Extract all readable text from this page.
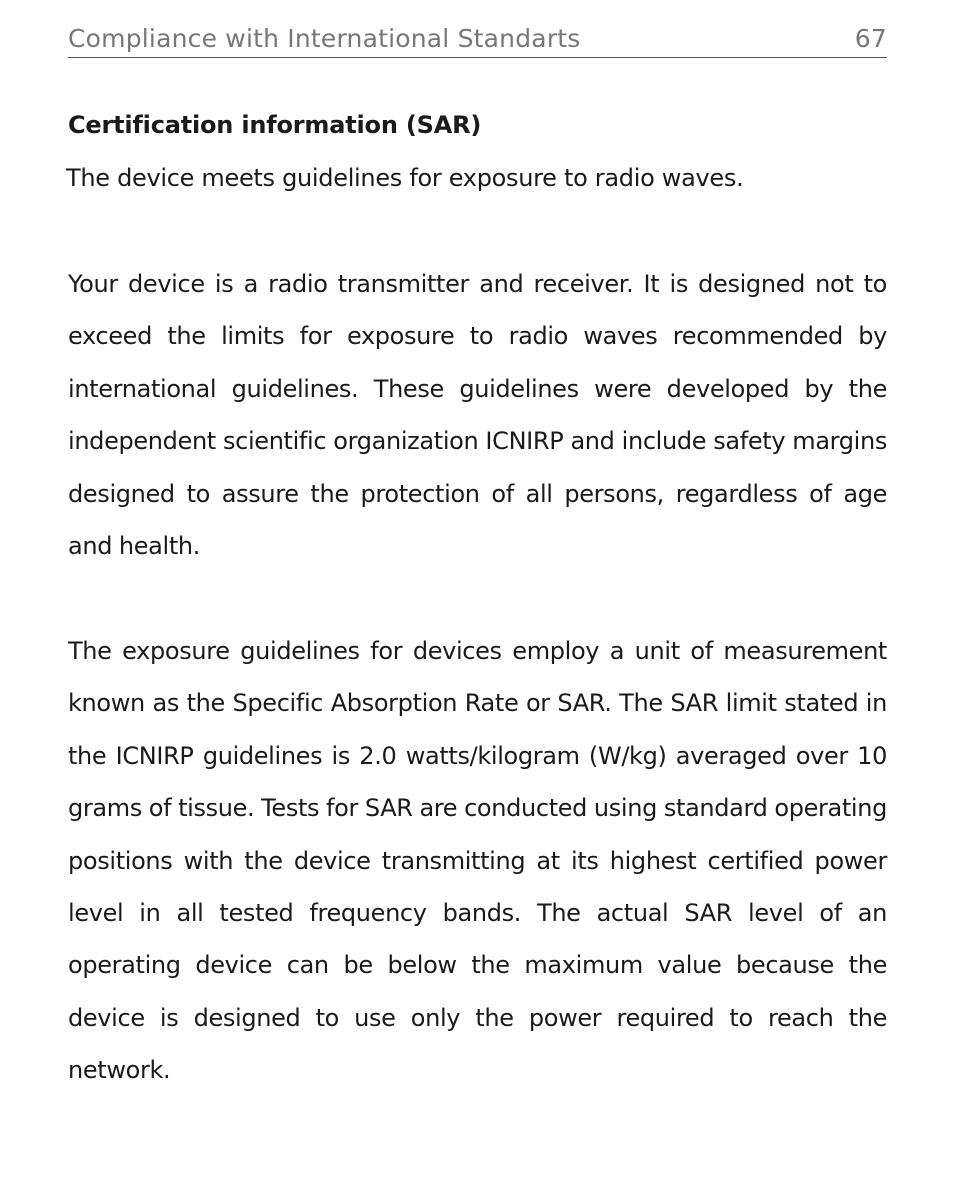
Compliance with International Standarts	67
Certification information (SAR)

The device meets guidelines for exposure to radio waves.

Your device is a radio transmitter and receiver. It is designed not to exceed the limits for exposure to radio waves recommended by international guidelines. These guidelines were developed by the independent scientific organization ICNIRP and include safety margins designed to assure the protection of all persons, regardless of age and health.

The exposure guidelines for devices employ a unit of measurement known as the Specific Absorption Rate or SAR. The SAR limit stated in the ICNIRP guidelines is 2.0 watts/kilogram (W/kg) averaged over 10 grams of tissue. Tests for SAR are conducted using standard operating positions with the device transmitting at its highest certified power level in all tested frequency bands. The actual SAR level of an operating device can be below the maximum value because the device is designed to use only the power required to reach the network.
